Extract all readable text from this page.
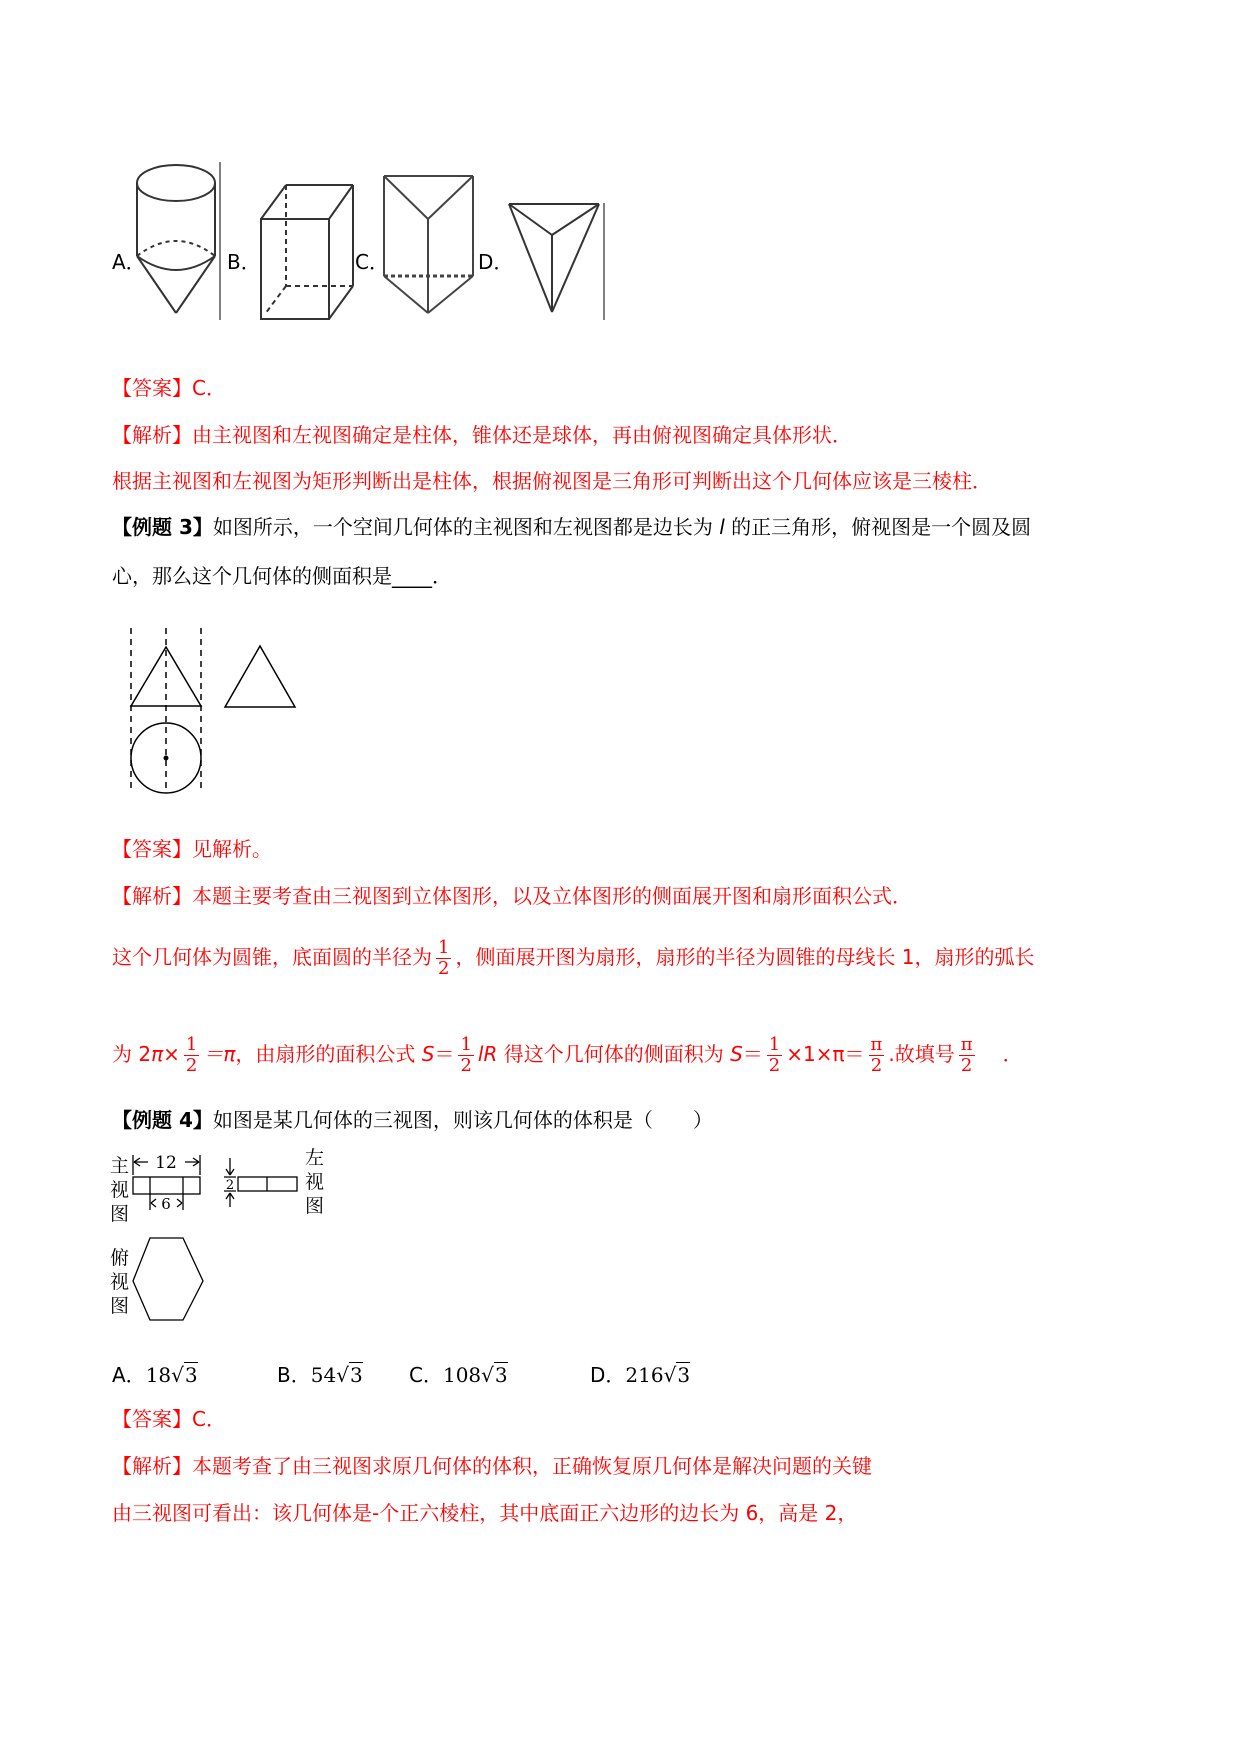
A．	B．	C．	D．
【答案】C．
【解析】由主视图和左视图确定是柱体，锥体还是球体，再由俯视图确定具体形状．
根据主视图和左视图为矩形判断出是柱体，根据俯视图是三角形可判断出这个几何体应该是三棱柱．
【例题 3】如图所示，一个空间几何体的主视图和左视图都是边长为 l 的正三角形，俯视图是一个圆及圆
心，那么这个几何体的侧面积是____．
【答案】见解析。
【解析】本题主要考查由三视图到立体图形，以及立体图形的侧面展开图和扇形面积公式．
这个几何体为圆锥，底面圆的半径为 $\frac{1}{2}$ ，侧面展开图为扇形，扇形的半径为圆锥的母线长 1，扇形的弧长
为 $2\pi\times \frac{1}{2} =\pi$，由扇形的面积公式 $S= \frac{1}{2}$ lR 得这个几何体的侧面积为 $S= \frac{1}{2} \times 1\times\pi= \frac{\pi}{2}$ .故填号 $\frac{\pi}{2}$ ．
【例题 4】如图是某几何体的三视图，则该几何体的体积是（　　）
12
6
2
主
视
图
左
视
图
俯
视
图
A．18√3	B．54√3 C．108√3	D．216√3
【答案】C．
【解析】本题考查了由三视图求原几何体的体积，正确恢复原几何体是解决问题的关键
由三视图可看出：该几何体是-个正六棱柱，其中底面正六边形的边长为 6，高是 2，
